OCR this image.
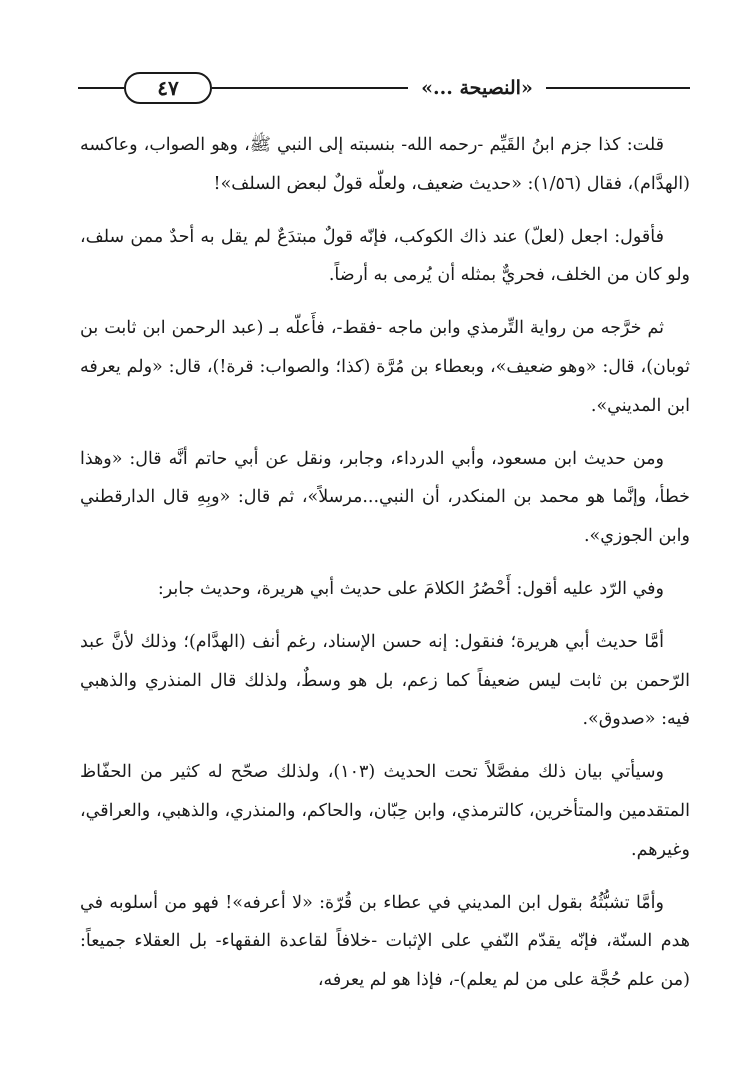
٤٧	«النصيحة ...»

قلت: كذا جزم ابنُ القَيِّم -رحمه الله- بنسبته إلى النبي ﷺ، وهو الصواب، وعاكسه (الهدَّام)، فقال (١/٥٦): «حديث ضعيف، ولعلّه قولٌ لبعض السلف»!

فأقول: اجعل (لعلّ) عند ذاك الكوكب، فإنّه قولٌ مبتدَعٌ لم يقل به أحدٌ ممن سلف، ولو كان من الخلف، فحريٌّ بمثله أن يُرمى به أرضاً.

ثم خرَّجه من رواية التِّرمذي وابن ماجه -فقط-، فأَعلّه بـ (عبد الرحمن ابن ثابت بن ثوبان)، قال: «وهو ضعيف»، وبعطاء بن مُرَّة (كذا؛ والصواب: قرة!)، قال: «ولم يعرفه ابن المديني».

ومن حديث ابن مسعود، وأبي الدرداء، وجابر، ونقل عن أبي حاتم أنَّه قال: «وهذا خطأ، وإنَّما هو محمد بن المنكدر، أن النبي...مرسلاً»، ثم قال: «وبِهِ قال الدارقطني وابن الجوزي».

وفي الرّد عليه أقول: أَحْصُرُ الكلامَ على حديث أبي هريرة، وحديث جابر:

أمَّا حديث أبي هريرة؛ فنقول: إنه حسن الإسناد، رغم أنف (الهدَّام)؛ وذلك لأنَّ عبد الرّحمن بن ثابت ليس ضعيفاً كما زعم، بل هو وسطٌ، ولذلك قال المنذري والذهبي فيه: «صدوق».

وسيأتي بيان ذلك مفصَّلاً تحت الحديث (١٠٣)، ولذلك صحّح له كثير من الحفّاظ المتقدمين والمتأخرين، كالترمذي، وابن حِبّان، والحاكم، والمنذري، والذهبي، والعراقي، وغيرهم.

وأمَّا تشبُّثُهُ بقول ابن المديني في عطاء بن قُرّة: «لا أعرفه»! فهو من أسلوبه في هدم السنّة، فإنّه يقدّم النّفي على الإثبات -خلافاً لقاعدة الفقهاء- بل العقلاء جميعاً: (من علم حُجَّة على من لم يعلم)-، فإذا هو لم يعرفه،
